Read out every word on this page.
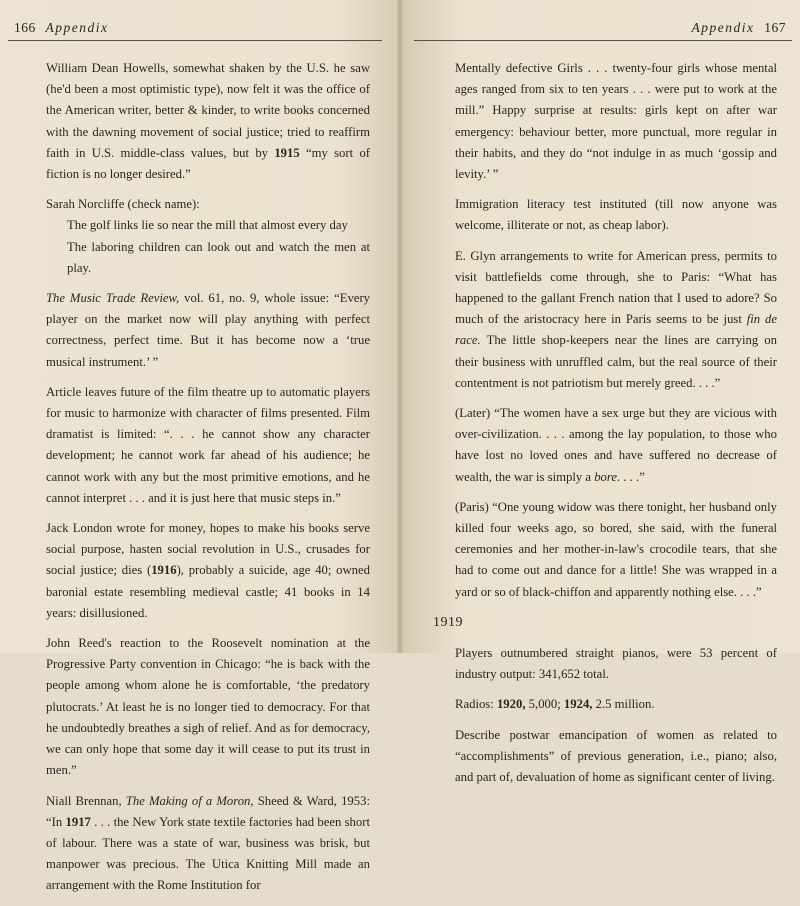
166 Appendix	Appendix 167

William Dean Howells, somewhat shaken by the U.S. he saw (he'd been a most optimistic type), now felt it was the office of the American writer, better & kinder, to write books concerned with the dawning movement of social justice; tried to reaffirm faith in U.S. middle-class values, but by 1915 “my sort of fiction is no longer desired.”

Sarah Norcliffe (check name):

The golf links lie so near the mill that almost every day

The laboring children can look out and watch the men at play.

The Music Trade Review, vol. 61, no. 9, whole issue: “Every player on the market now will play anything with perfect correctness, perfect time. But it has become now a ‘true musical instrument.’ ”

Article leaves future of the film theatre up to automatic players for music to harmonize with character of films presented. Film dramatist is limited: “. . . he cannot show any character development; he cannot work far ahead of his audience; he cannot work with any but the most primitive emotions, and he cannot interpret . . . and it is just here that music steps in.”

Jack London wrote for money, hopes to make his books serve social purpose, hasten social revolution in U.S., crusades for social justice; dies (1916), probably a suicide, age 40; owned baronial estate resembling medieval castle; 41 books in 14 years: disillusioned.

John Reed's reaction to the Roosevelt nomination at the Progressive Party convention in Chicago: “he is back with the people among whom alone he is comfortable, ‘the predatory plutocrats.’ At least he is no longer tied to democracy. For that he undoubtedly breathes a sigh of relief. And as for democracy, we can only hope that some day it will cease to put its trust in men.”

Niall Brennan, The Making of a Moron, Sheed & Ward, 1953: “In 1917 . . . the New York state textile factories had been short of labour. There was a state of war, business was brisk, but manpower was precious. The Utica Knitting Mill made an arrangement with the Rome Institution for

Mentally defective Girls . . . twenty-four girls whose mental ages ranged from six to ten years . . . were put to work at the mill.” Happy surprise at results: girls kept on after war emergency: behaviour better, more punctual, more regular in their habits, and they do “not indulge in as much ‘gossip and levity.’ ”

Immigration literacy test instituted (till now anyone was welcome, illiterate or not, as cheap labor).

E. Glyn arrangements to write for American press, permits to visit battlefields come through, she to Paris: “What has happened to the gallant French nation that I used to adore? So much of the aristocracy here in Paris seems to be just fin de race. The little shop-keepers near the lines are carrying on their business with unruffled calm, but the real source of their contentment is not patriotism but merely greed. . . .”

(Later) “The women have a sex urge but they are vicious with over-civilization. . . . among the lay population, to those who have lost no loved ones and have suffered no decrease of wealth, the war is simply a bore. . . .”

(Paris) “One young widow was there tonight, her husband only killed four weeks ago, so bored, she said, with the funeral ceremonies and her mother-in-law's crocodile tears, that she had to come out and dance for a little! She was wrapped in a yard or so of black-chiffon and apparently nothing else. . . .”

1919

Players outnumbered straight pianos, were 53 percent of industry output: 341,652 total.

Radios: 1920, 5,000; 1924, 2.5 million.

Describe postwar emancipation of women as related to “accomplishments” of previous generation, i.e., piano; also, and part of, devaluation of home as significant center of living.
